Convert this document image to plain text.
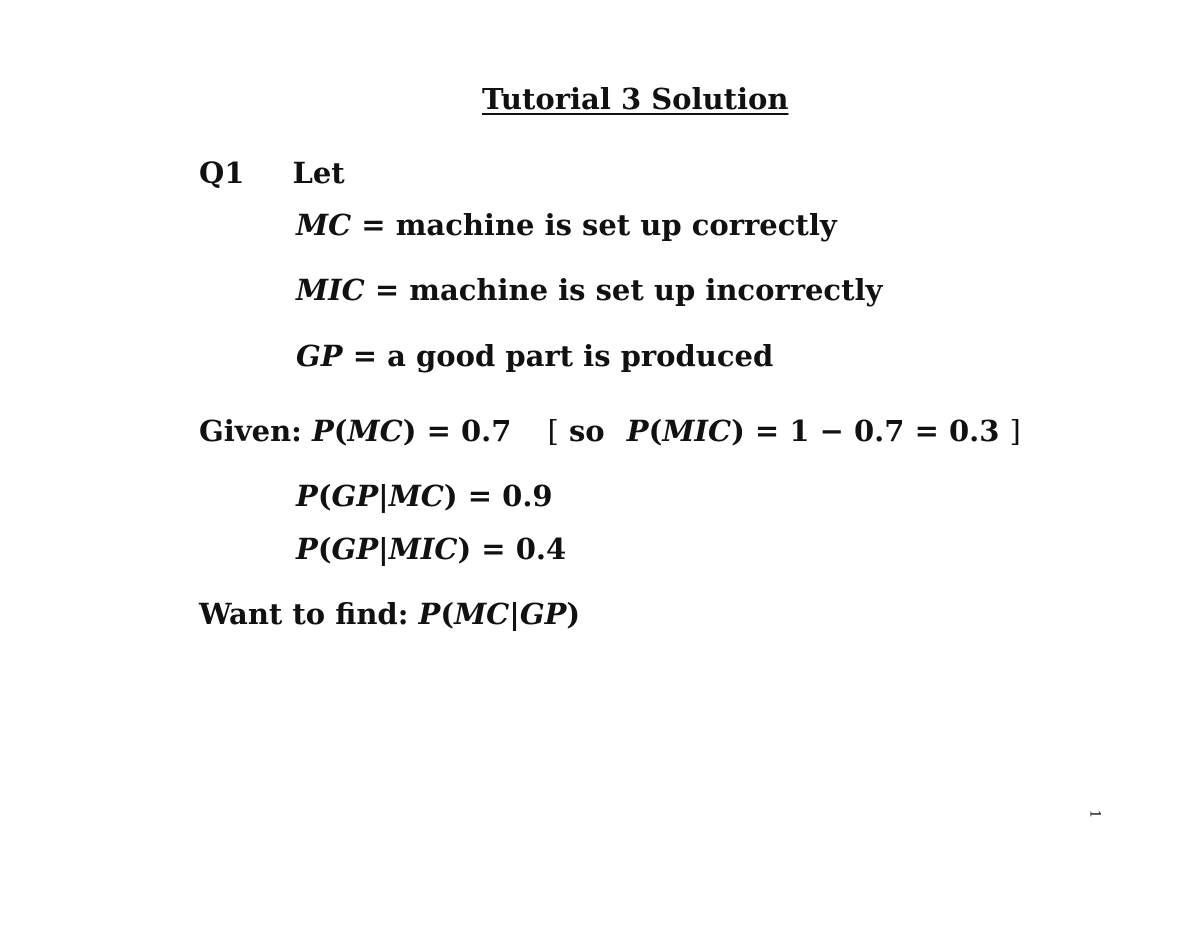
Tutorial 3 Solution
Q1 Let
MC = machine is set up correctly
MIC = machine is set up incorrectly
GP = a good part is produced
Given: P(MC) = 0.7 [ so P(MIC) = 1 − 0.7 = 0.3 ]
P(GP|MC) = 0.9
P(GP|MIC) = 0.4
Want to find: P(MC|GP)
1
